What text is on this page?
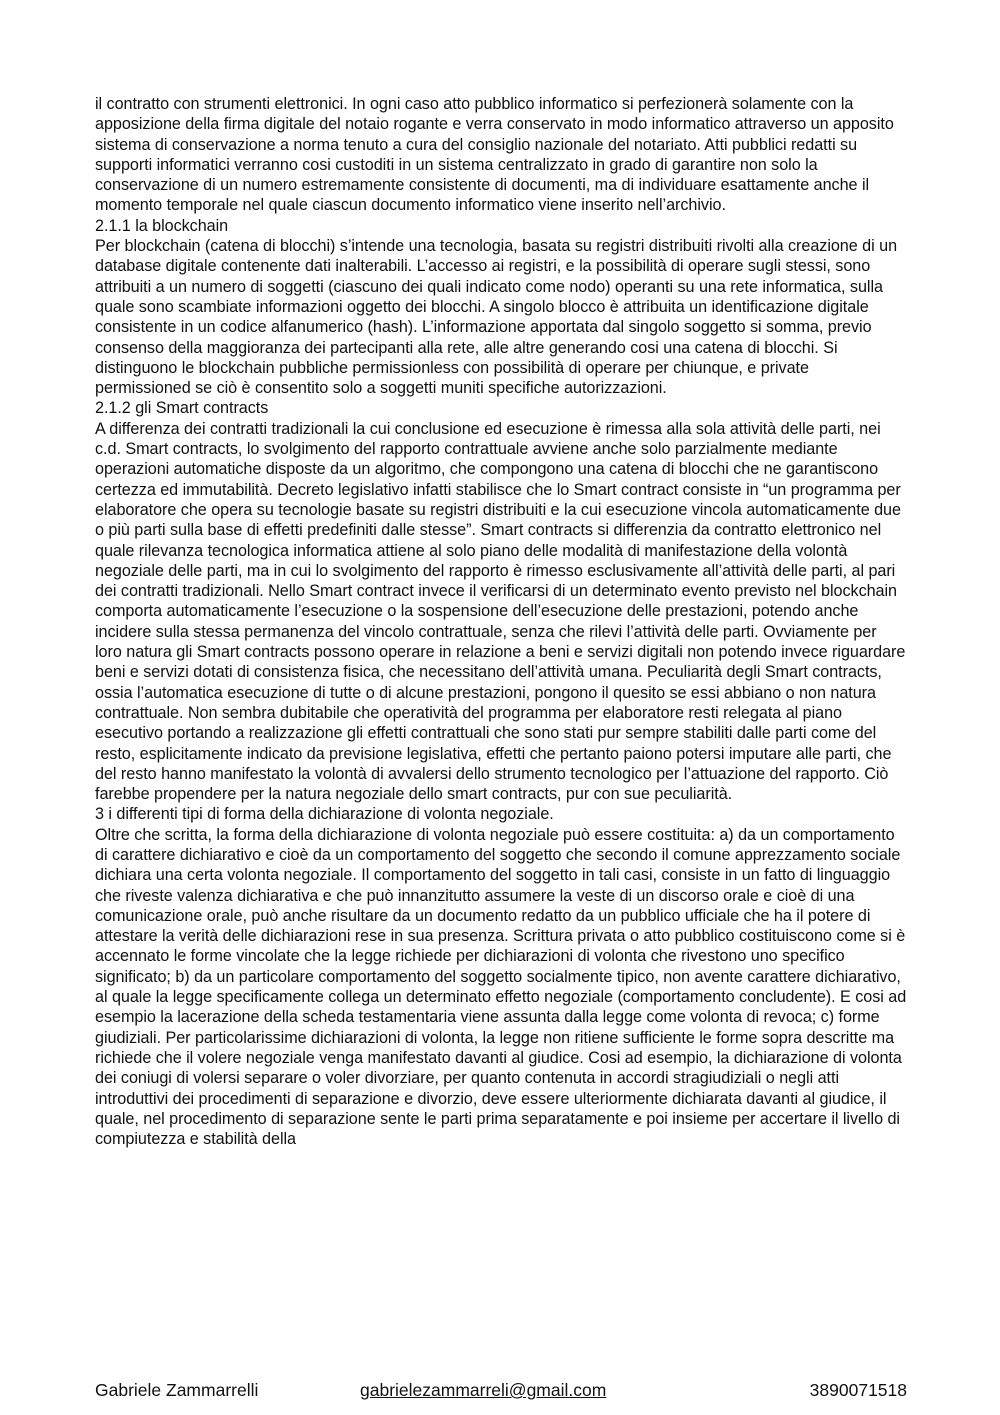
il contratto con strumenti elettronici. In ogni caso atto pubblico informatico si perfezionerà solamente con la apposizione della firma digitale del notaio rogante e verra conservato in modo informatico attraverso un apposito sistema di conservazione a norma tenuto a cura del consiglio nazionale del notariato. Atti pubblici redatti su supporti informatici verranno cosi custoditi in un sistema centralizzato in grado di garantire non solo la conservazione di un numero estremamente consistente di documenti, ma di individuare esattamente anche il momento temporale nel quale ciascun documento informatico viene inserito nell’archivio.

2.1.1 la blockchain

Per blockchain (catena di blocchi) s’intende una tecnologia, basata su registri distribuiti rivolti alla creazione di un database digitale contenente dati inalterabili. L’accesso ai registri, e la possibilità di operare sugli stessi, sono attribuiti a un numero di soggetti (ciascuno dei quali indicato come nodo) operanti su una rete informatica, sulla quale sono scambiate informazioni oggetto dei blocchi. A singolo blocco è attribuita un identificazione digitale consistente in un codice alfanumerico (hash). L’informazione apportata dal singolo soggetto si somma, previo consenso della maggioranza dei partecipanti alla rete, alle altre generando cosi una catena di blocchi. Si distinguono le blockchain pubbliche permissionless con possibilità di operare per chiunque, e private permissioned se ciò è consentito solo a soggetti muniti specifiche autorizzazioni.

2.1.2 gli Smart contracts

A differenza dei contratti tradizionali la cui conclusione ed esecuzione è rimessa alla sola attività delle parti, nei c.d. Smart contracts, lo svolgimento del rapporto contrattuale avviene anche solo parzialmente mediante operazioni automatiche disposte da un algoritmo, che compongono una catena di blocchi che ne garantiscono certezza ed immutabilità. Decreto legislativo infatti stabilisce che lo Smart contract consiste in “un programma per elaboratore che opera su tecnologie basate su registri distribuiti e la cui esecuzione vincola automaticamente due o più parti sulla base di effetti predefiniti dalle stesse”. Smart contracts si differenzia da contratto elettronico nel quale rilevanza tecnologica informatica attiene al solo piano delle modalità di manifestazione della volontà negoziale delle parti, ma in cui lo svolgimento del rapporto è rimesso esclusivamente all’attività delle parti, al pari dei contratti tradizionali. Nello Smart contract invece il verificarsi di un determinato evento previsto nel blockchain comporta automaticamente l’esecuzione o la sospensione dell’esecuzione delle prestazioni, potendo anche incidere sulla stessa permanenza del vincolo contrattuale, senza che rilevi l’attività delle parti. Ovviamente per loro natura gli Smart contracts possono operare in relazione a beni e servizi digitali non potendo invece riguardare beni e servizi dotati di consistenza fisica, che necessitano dell’attività umana. Peculiarità degli Smart contracts, ossia l’automatica esecuzione di tutte o di alcune prestazioni, pongono il quesito se essi abbiano o non natura contrattuale. Non sembra dubitabile che operatività del programma per elaboratore resti relegata al piano esecutivo portando a realizzazione gli effetti contrattuali che sono stati pur sempre stabiliti dalle parti come del resto, esplicitamente indicato da previsione legislativa, effetti che pertanto paiono potersi imputare alle parti, che del resto hanno manifestato la volontà di avvalersi dello strumento tecnologico per l’attuazione del rapporto. Ciò farebbe propendere per la natura negoziale dello smart contracts, pur con sue peculiarità.

3 i differenti tipi di forma della dichiarazione di volonta negoziale.

Oltre che scritta, la forma della dichiarazione di volonta negoziale può essere costituita: a) da un comportamento di carattere dichiarativo e cioè da un comportamento del soggetto che secondo il comune apprezzamento sociale dichiara una certa volonta negoziale. Il comportamento del soggetto in tali casi, consiste in un fatto di linguaggio che riveste valenza dichiarativa e che può innanzitutto assumere la veste di un discorso orale e cioè di una comunicazione orale, può anche risultare da un documento redatto da un pubblico ufficiale che ha il potere di attestare la verità delle dichiarazioni rese in sua presenza. Scrittura privata o atto pubblico costituiscono come si è accennato le forme vincolate che la legge richiede per dichiarazioni di volonta che rivestono uno specifico significato; b) da un particolare comportamento del soggetto socialmente tipico, non avente carattere dichiarativo, al quale la legge specificamente collega un determinato effetto negoziale (comportamento concludente). E cosi ad esempio la lacerazione della scheda testamentaria viene assunta dalla legge come volonta di revoca; c) forme giudiziali. Per particolarissime dichiarazioni di volonta, la legge non ritiene sufficiente le forme sopra descritte ma richiede che il volere negoziale venga manifestato davanti al giudice. Cosi ad esempio, la dichiarazione di volonta dei coniugi di volersi separare o voler divorziare, per quanto contenuta in accordi stragiudiziali o negli atti introduttivi dei procedimenti di separazione e divorzio, deve essere ulteriormente dichiarata davanti al giudice, il quale, nel procedimento di separazione sente le parti prima separatamente e poi insieme per accertare il livello di compiutezza e stabilità della

Gabriele Zammarrelli	gabrielezammarreli@gmail.com	3890071518
